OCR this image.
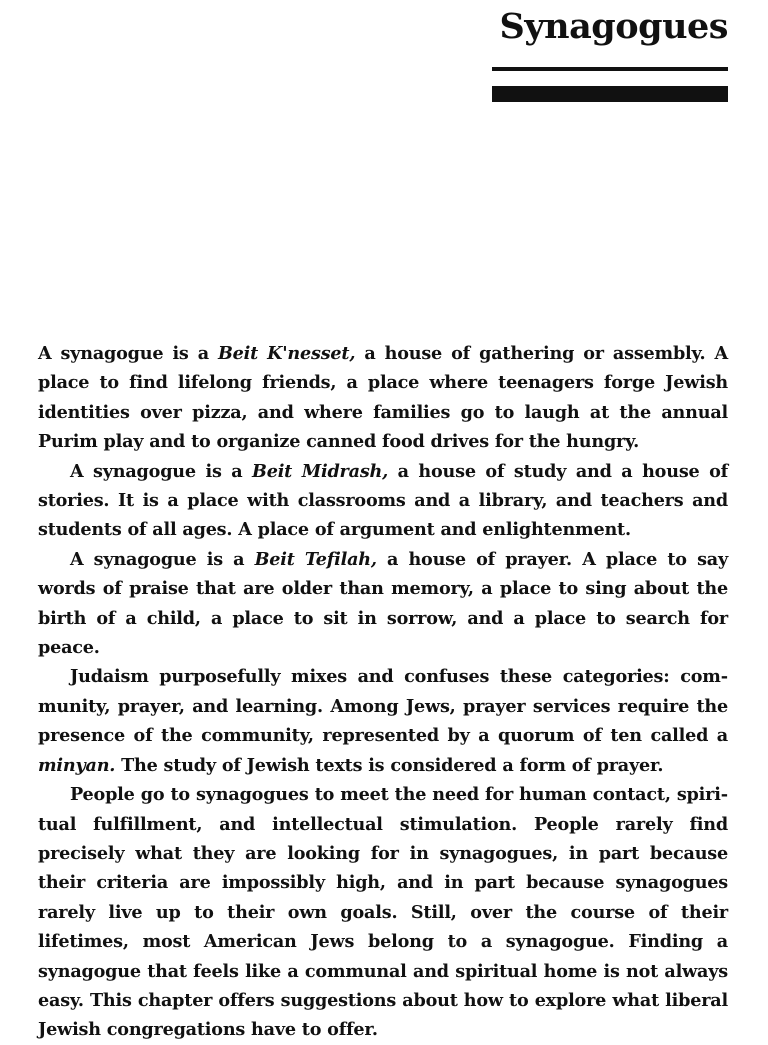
Synagogues

A synagogue is a Beit K'nesset, a house of gathering or assembly. A place to find lifelong friends, a place where teenagers forge Jewish identities over pizza, and where families go to laugh at the annual Purim play and to organize canned food drives for the hungry.

A synagogue is a Beit Midrash, a house of study and a house of stories. It is a place with classrooms and a library, and teachers and students of all ages. A place of argument and enlightenment.

A synagogue is a Beit Tefilah, a house of prayer. A place to say words of praise that are older than memory, a place to sing about the birth of a child, a place to sit in sorrow, and a place to search for peace.

Judaism purposefully mixes and confuses these categories: community, prayer, and learning. Among Jews, prayer services require the presence of the community, represented by a quorum of ten called a minyan. The study of Jewish texts is considered a form of prayer.

People go to synagogues to meet the need for human contact, spiritual fulfillment, and intellectual stimulation. People rarely find precisely what they are looking for in synagogues, in part because their criteria are impossibly high, and in part because synagogues rarely live up to their own goals. Still, over the course of their lifetimes, most American Jews belong to a synagogue. Finding a synagogue that feels like a communal and spiritual home is not always easy. This chapter offers suggestions about how to explore what liberal Jewish congregations have to offer.
